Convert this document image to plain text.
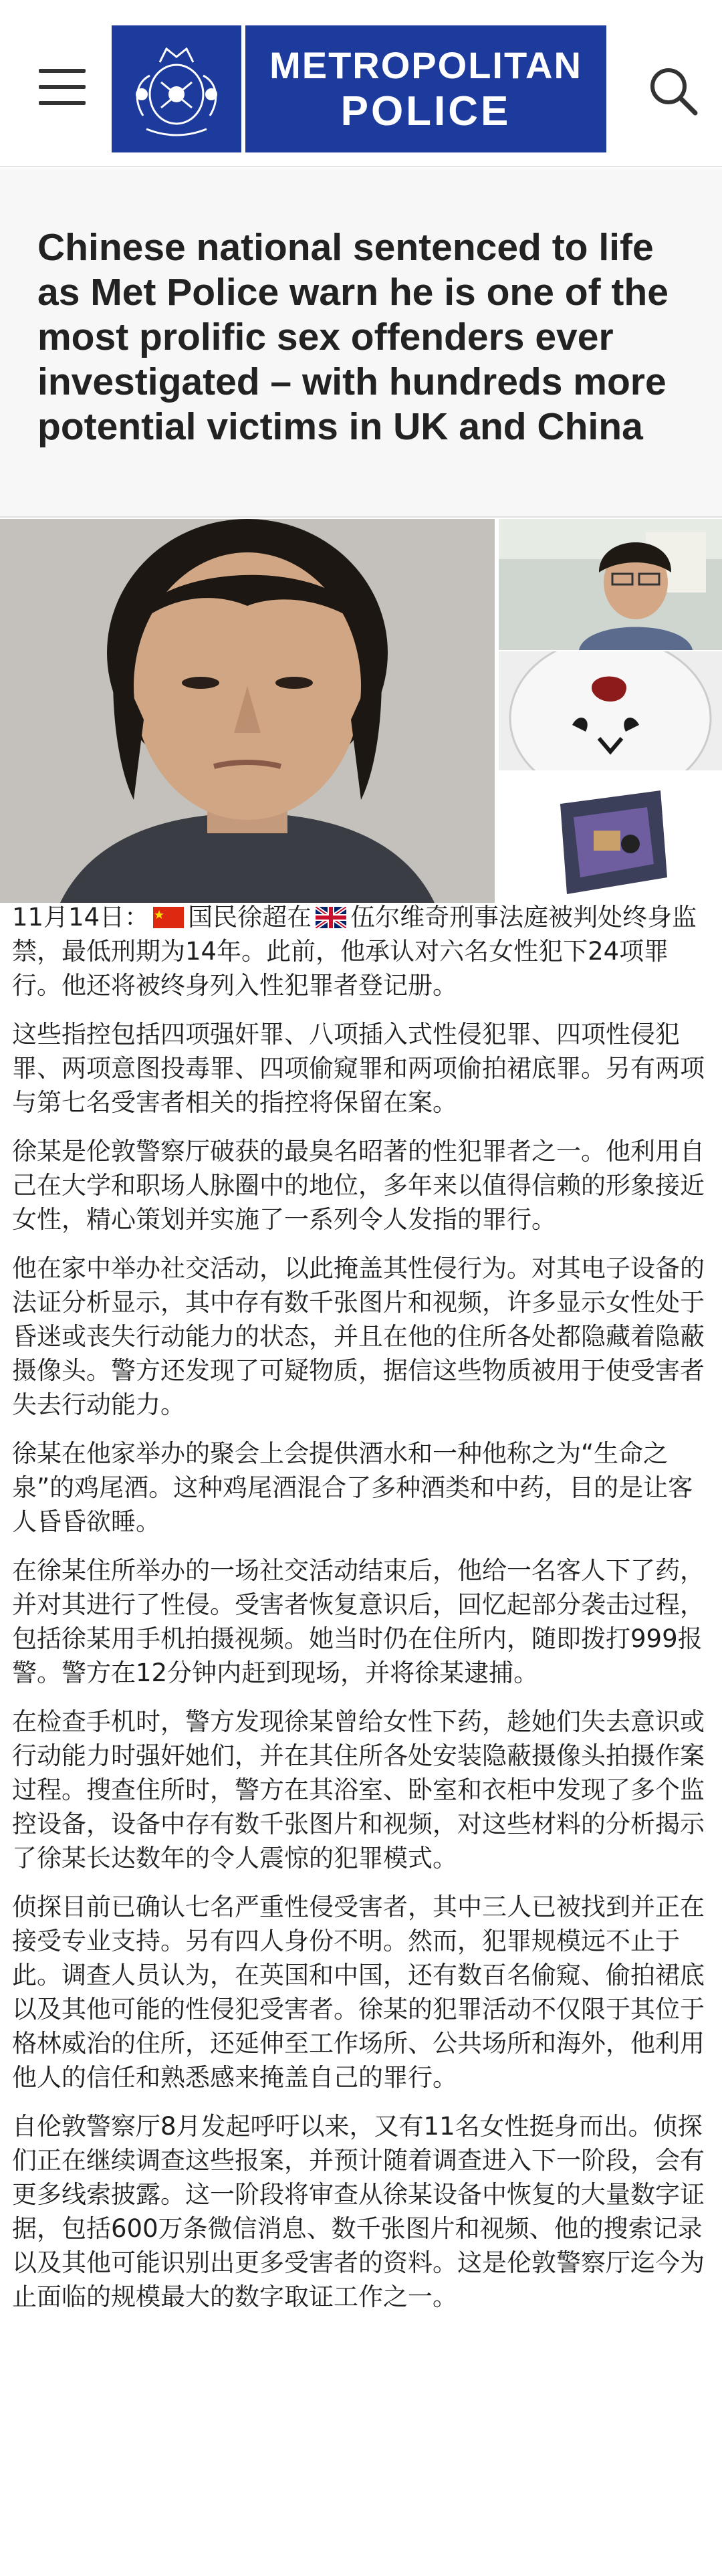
METROPOLITAN
POLICE
Chinese national sentenced to life as Met Police warn he is one of the most prolific sex offenders ever investigated – with hundreds more potential victims in UK and China

11月14日： 国民徐超在 伍尔维奇刑事法庭被判处终身监禁，最低刑期为14年。此前，他承认对六名女性犯下24项罪行。他还将被终身列入性犯罪者登记册。

这些指控包括四项强奸罪、八项插入式性侵犯罪、四项性侵犯罪、两项意图投毒罪、四项偷窥罪和两项偷拍裙底罪。另有两项与第七名受害者相关的指控将保留在案。

徐某是伦敦警察厅破获的最臭名昭著的性犯罪者之一。他利用自己在大学和职场人脉圈中的地位，多年来以值得信赖的形象接近女性，精心策划并实施了一系列令人发指的罪行。

他在家中举办社交活动，以此掩盖其性侵行为。对其电子设备的法证分析显示，其中存有数千张图片和视频，许多显示女性处于昏迷或丧失行动能力的状态，并且在他的住所各处都隐藏着隐蔽摄像头。警方还发现了可疑物质，据信这些物质被用于使受害者失去行动能力。

徐某在他家举办的聚会上会提供酒水和一种他称之为“生命之泉”的鸡尾酒。这种鸡尾酒混合了多种酒类和中药，目的是让客人昏昏欲睡。

在徐某住所举办的一场社交活动结束后，他给一名客人下了药，并对其进行了性侵。受害者恢复意识后，回忆起部分袭击过程，包括徐某用手机拍摄视频。她当时仍在住所内，随即拨打999报警。警方在12分钟内赶到现场，并将徐某逮捕。

在检查手机时，警方发现徐某曾给女性下药，趁她们失去意识或行动能力时强奸她们，并在其住所各处安装隐蔽摄像头拍摄作案过程。搜查住所时，警方在其浴室、卧室和衣柜中发现了多个监控设备，设备中存有数千张图片和视频，对这些材料的分析揭示了徐某长达数年的令人震惊的犯罪模式。

侦探目前已确认七名严重性侵受害者，其中三人已被找到并正在接受专业支持。另有四人身份不明。然而，犯罪规模远不止于此。调查人员认为，在英国和中国，还有数百名偷窥、偷拍裙底以及其他可能的性侵犯受害者。徐某的犯罪活动不仅限于其位于格林威治的住所，还延伸至工作场所、公共场所和海外，他利用他人的信任和熟悉感来掩盖自己的罪行。

自伦敦警察厅8月发起呼吁以来，又有11名女性挺身而出。侦探们正在继续调查这些报案，并预计随着调查进入下一阶段，会有更多线索披露。这一阶段将审查从徐某设备中恢复的大量数字证据，包括600万条微信消息、数千张图片和视频、他的搜索记录以及其他可能识别出更多受害者的资料。这是伦敦警察厅迄今为止面临的规模最大的数字取证工作之一。
